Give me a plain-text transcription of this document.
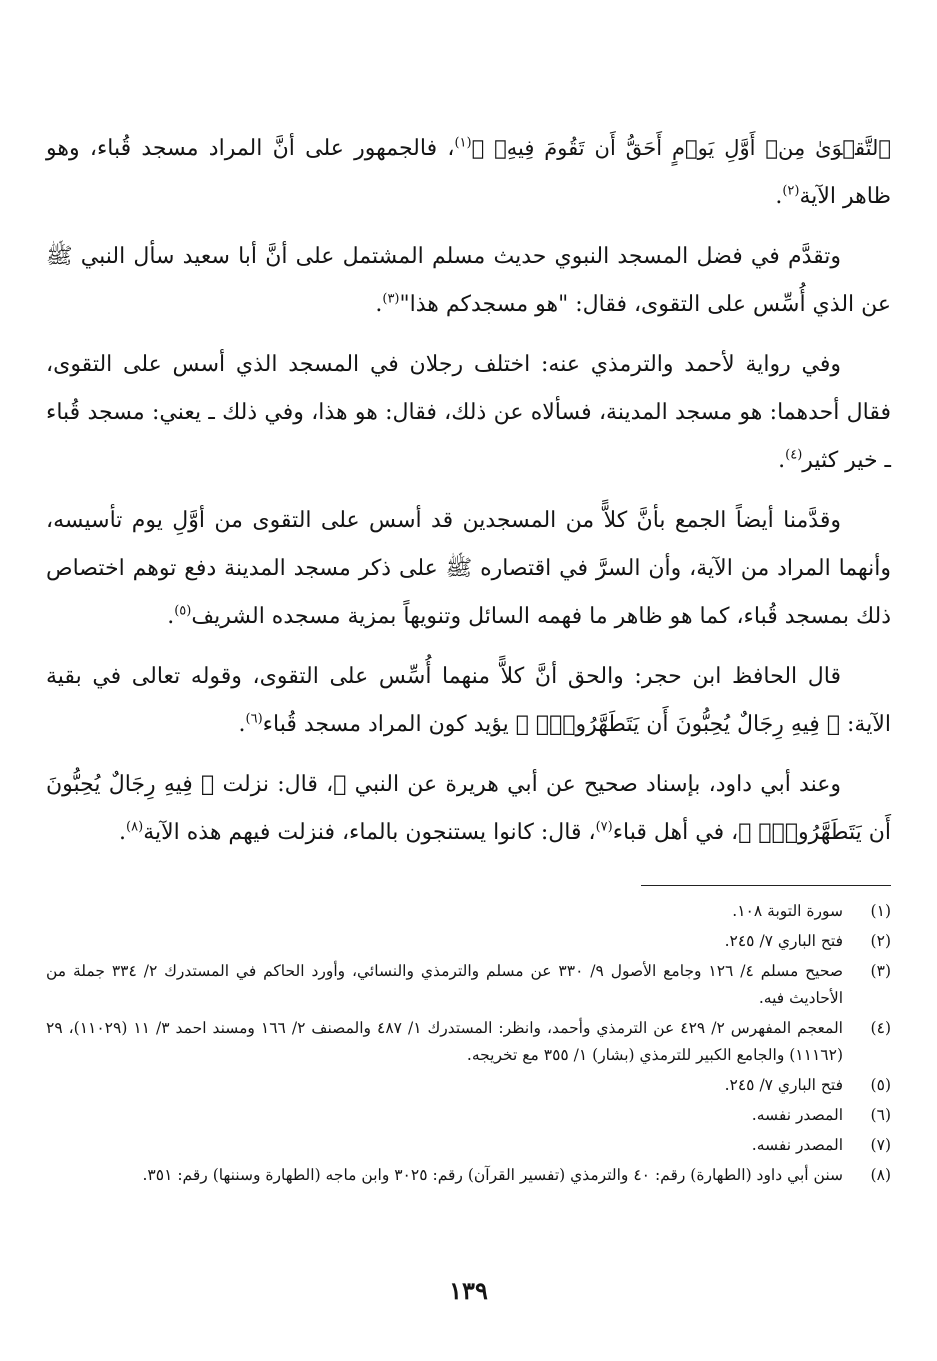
ٱلتَّقۡوَىٰ مِنۡ أَوَّلِ يَوۡمٍ أَحَقُّ أَن تَقُومَ فِيهِۚ ﴾$^{(١)}$، فالجمهور على أنَّ المراد مسجد قُباء، وهو ظاهر الآية$^{(٢)}$.

وتقدَّم في فضل المسجد النبوي حديث مسلم المشتمل على أنَّ أبا سعيد سأل النبي ﷺ عن الذي أُسِّس على التقوى، فقال: "هو مسجدكم هذا"$^{(٣)}$.

وفي رواية لأحمد والترمذي عنه: اختلف رجلان في المسجد الذي أسس على التقوى، فقال أحدهما: هو مسجد المدينة، فسألاه عن ذلك، فقال: هو هذا، وفي ذلك ـ يعني: مسجد قُباء ـ خير كثير$^{(٤)}$.

وقدَّمنا أيضاً الجمع بأنَّ كلاًّ من المسجدين قد أسس على التقوى من أوَّلِ يوم تأسيسه، وأنهما المراد من الآية، وأن السرَّ في اقتصاره ﷺ على ذكر مسجد المدينة دفع توهم اختصاص ذلك بمسجد قُباء، كما هو ظاهر ما فهمه السائل وتنويهاً بمزية مسجده الشريف$^{(٥)}$.

قال الحافظ ابن حجر: والحق أنَّ كلاًّ منهما أُسِّس على التقوى، وقوله تعالى في بقية الآية: ﴿ فِيهِ رِجَالٌ يُحِبُّونَ أَن يَتَطَهَّرُواْۚ ﴾ يؤيد كون المراد مسجد قُباء$^{(٦)}$.

وعند أبي داود، بإسناد صحيح عن أبي هريرة عن النبي ﷺ، قال: نزلت ﴿ فِيهِ رِجَالٌ يُحِبُّونَ أَن يَتَطَهَّرُواْۚ ﴾، في أهل قباء$^{(٧)}$، قال: كانوا يستنجون بالماء، فنزلت فيهم هذه الآية$^{(٨)}$.

(١)
سورة التوبة ١٠٨.
(٢)
فتح الباري ٧/ ٢٤٥.
(٣)
صحيح مسلم ٤/ ١٢٦ وجامع الأصول ٩/ ٣٣٠ عن مسلم والترمذي والنسائي، وأورد الحاكم في المستدرك ٢/ ٣٣٤ جملة من الأحاديث فيه.
(٤)
المعجم المفهرس ٢/ ٤٢٩ عن الترمذي وأحمد، وانظر: المستدرك ١/ ٤٨٧ والمصنف ٢/ ١٦٦ ومسند احمد ٣/ ١١ (١١٠٢٩)، ٢٩ (١١١٦٢) والجامع الكبير للترمذي (بشار) ١/ ٣٥٥ مع تخريجه.
(٥)
فتح الباري ٧/ ٢٤٥.
(٦)
المصدر نفسه.
(٧)
المصدر نفسه.
(٨)
سنن أبي داود (الطهارة) رقم: ٤٠ والترمذي (تفسير القرآن) رقم: ٣٠٢٥ وابن ماجه (الطهارة وسننها) رقم: ٣٥١.
١٣٩
